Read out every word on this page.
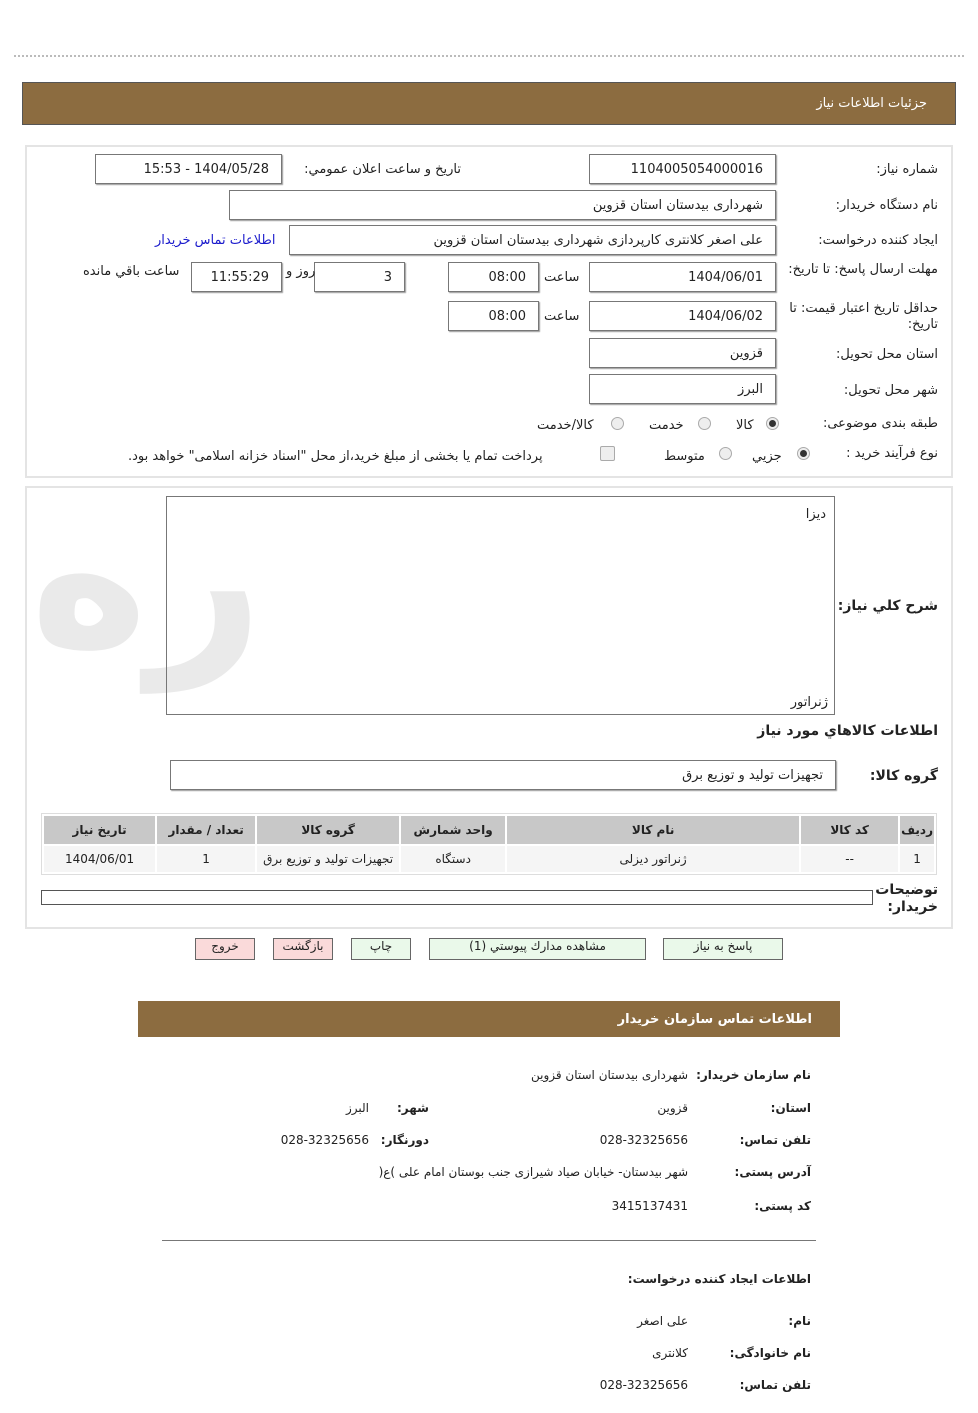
جزئیات اطلاعات نیاز
ره
شماره نیاز:
1104005054000016
تاريخ و ساعت اعلان عمومي:
1404/05/28 - 15:53
نام دستگاه خریدار:
شهرداری بیدستان استان قزوین
ایجاد کننده درخواست:
علی اصغر کلانتری کارپردازی شهرداری بیدستان استان قزوین
اطلاعات تماس خریدار
مهلت ارسال پاسخ: تا تاریخ:
1404/06/01
ساعت
08:00
3
روز و
11:55:29
ساعت باقي مانده
حداقل تاریخ اعتبار قیمت: تا تاریخ:
1404/06/02
ساعت
08:00
استان محل تحویل:
قزوین
شهر محل تحویل:
البرز
طبقه بندی موضوعی:
کالا
خدمت
کالا/خدمت
نوع فرآیند خرید :
جزيي
متوسط
پرداخت تمام یا بخشی از مبلغ خرید،از محل "اسناد خزانه اسلامی" خواهد بود.
شرح كلي نياز:
دیزا
ژنراتور
اطلاعات كالاهاي مورد نياز
گروه كالا:
تجهیزات تولید و توزیع برق
رديف	کد کالا	نام کالا	واحد شمارش	گروه کالا	تعداد / مقدار	تاریخ نیاز
1	--	ژنراتور دیزلی	دستگاه	تجهیزات تولید و توزیع برق	1	1404/06/01
توضیحات خریدار:
پاسخ به نیاز
مشاهده مدارك پيوستي (1)
چاپ
بازگشت
خروج
اطلاعات تماس سازمان خریدار
نام سازمان خریدار:
شهرداری بیدستان استان قزوین
استان:
قزوین
شهر:
البرز
تلفن تماس:
028-32325656
دورنگار:
028-32325656
آدرس پستی:
شهر بیدستان- خیابان صیاد شیرازی جنب بوستان امام علی )ع(
کد پستی:
3415137431
اطلاعات ایجاد کننده درخواست:
نام:
علی اصغر
نام خانوادگی:
کلانتری
تلفن تماس:
028-32325656
